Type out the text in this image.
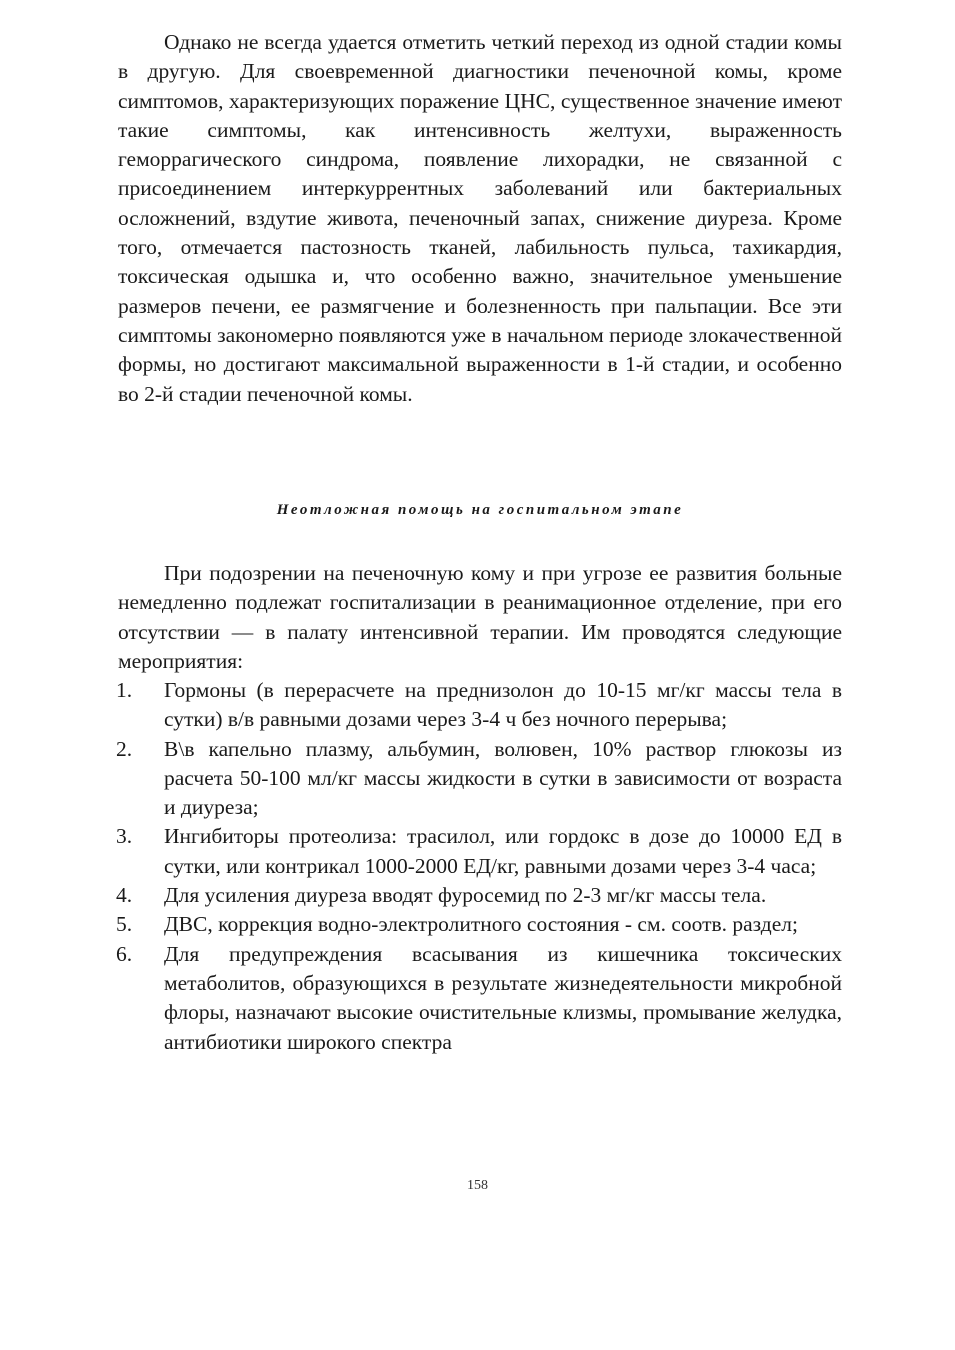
Однако не всегда удается отметить четкий переход из одной стадии комы в другую. Для своевременной диагностики печеночной комы, кроме симптомов, характеризующих поражение ЦНС, существенное значение имеют такие симптомы, как интенсивность желтухи, выраженность геморрагического синдрома, появление лихорадки, не связанной с присоединением интеркуррентных заболеваний или бактериальных осложнений, вздутие живота, печеночный запах, снижение диуреза. Кроме того, отмечается пастозность тканей, лабильность пульса, тахикардия, токсическая одышка и, что особенно важно, значительное уменьшение размеров печени, ее размягчение и болезненность при пальпации. Все эти симптомы закономерно появляются уже в начальном периоде злокачественной формы, но достигают максимальной выраженности в 1-й стадии, и особенно во 2-й стадии печеночной комы.

Неотложная помощь на госпитальном этапе

При подозрении на печеночную кому и при угрозе ее развития больные немедленно подлежат госпитализации в реанимационное отделение, при его отсутствии — в палату интенсивной терапии. Им проводятся следующие мероприятия:

1.	Гормоны (в перерасчете на преднизолон до 10-15 мг/кг массы тела в сутки) в/в равными дозами через 3-4 ч без ночного перерыва;
2.	В\в капельно плазму, альбумин, волювен, 10% раствор глюкозы из расчета 50-100 мл/кг массы жидкости в сутки в зависимости от возраста и диуреза;
3.	Ингибиторы протеолиза: трасилол, или гордокс в дозе до 10000 ЕД в сутки, или контрикал 1000-2000 ЕД/кг, равными дозами через 3-4 часа;
4.	Для усиления диуреза вводят фуросемид по 2-3 мг/кг массы тела.
5.	ДВС, коррекция водно-электролитного состояния - см. соотв. раздел;
6.	Для предупреждения всасывания из кишечника токсических метаболитов, образующихся в результате жизнедеятельности микробной флоры, назначают высокие очистительные клизмы, промывание желудка, антибиотики широкого спектра
158
